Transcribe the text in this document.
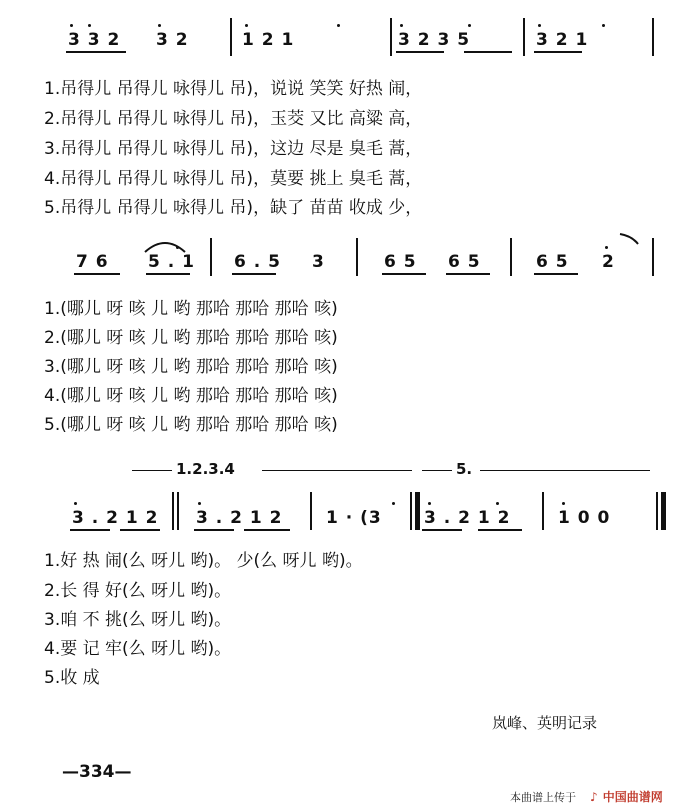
3 3 2 3 2	1 2 1	3 2 3 5	3 2 1
1.吊得儿 吊得儿 咏得儿 吊)，说说 笑笑 好热 闹，
2.吊得儿 吊得儿 咏得儿 吊)，玉茭 又比 高粱 高，
3.吊得儿 吊得儿 咏得儿 吊)，这边 尽是 臭毛 蒿，
4.吊得儿 吊得儿 咏得儿 吊)，莫要 挑上 臭毛 蒿，
5.吊得儿 吊得儿 咏得儿 吊)，缺了 苗苗 收成 少，
7 6 5 . 1 6 . 5 3	6 5 6 5	6 5 2
1.(哪儿 呀 咳 儿 哟 那哈 那哈 那哈 咳)
2.(哪儿 呀 咳 儿 哟 那哈 那哈 那哈 咳)
3.(哪儿 呀 咳 儿 哟 那哈 那哈 那哈 咳)
4.(哪儿 呀 咳 儿 哟 那哈 那哈 那哈 咳)
5.(哪儿 呀 咳 儿 哟 那哈 那哈 那哈 咳)
1.2.3.4	5.
3 . 2 1 2 3 . 2 1 2	1 · (3 3 . 2 1 2	1 0 0
1.好 热 闹(么 呀儿 哟)。 少(么 呀儿 哟)。
2.长 得 好(么 呀儿 哟)。
3.咱 不 挑(么 呀儿 哟)。
4.要 记 牢(么 呀儿 哟)。
5.收 成
岚峰、英明记录
—334—
本曲谱上传于 ♪ 中国曲谱网
